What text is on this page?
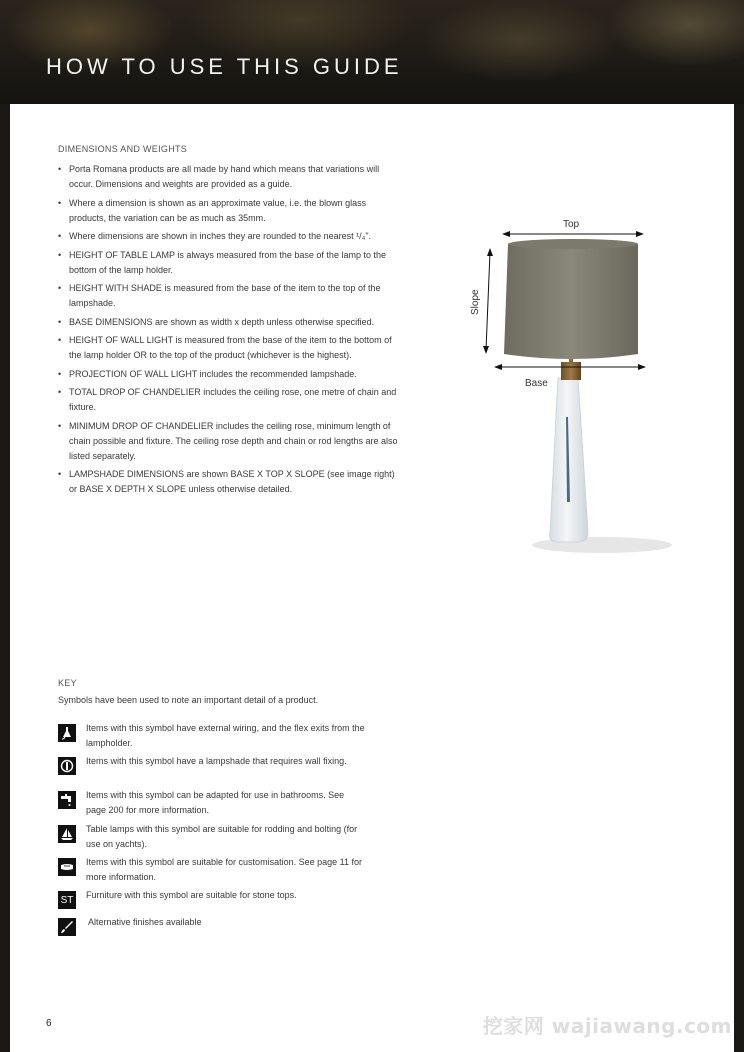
HOW TO USE THIS GUIDE
DIMENSIONS AND WEIGHTS
• Porta Romana products are all made by hand which means that variations will occur. Dimensions and weights are provided as a guide.
• Where a dimension is shown as an approximate value, i.e. the blown glass products, the variation can be as much as 35mm.
• Where dimensions are shown in inches they are rounded to the nearest ¹/₄".
• HEIGHT OF TABLE LAMP is always measured from the base of the lamp to the bottom of the lamp holder.
• HEIGHT WITH SHADE is measured from the base of the item to the top of the lampshade.
• BASE DIMENSIONS are shown as width x depth unless otherwise specified.
• HEIGHT OF WALL LIGHT is measured from the base of the item to the bottom of the lamp holder OR to the top of the product (whichever is the highest).
• PROJECTION OF WALL LIGHT includes the recommended lampshade.
• TOTAL DROP OF CHANDELIER includes the ceiling rose, one metre of chain and fixture.
• MINIMUM DROP OF CHANDELIER includes the ceiling rose, minimum length of chain possible and fixture. The ceiling rose depth and chain or rod lengths are also listed separately.
• LAMPSHADE DIMENSIONS are shown BASE X TOP X SLOPE (see image right) or BASE X DEPTH X SLOPE unless otherwise detailed.
Top
Base
Slope
KEY
Symbols have been used to note an important detail of a product.
Items with this symbol have external wiring, and the flex exits from the lampholder.
Items with this symbol have a lampshade that requires wall fixing.
Items with this symbol can be adapted for use in bathrooms. See page 200 for more information.
Table lamps with this symbol are suitable for rodding and bolting (for use on yachts).
Items with this symbol are suitable for customisation. See page 11 for more information.
ST Furniture with this symbol are suitable for stone tops.
Alternative finishes available
6	挖家网 wajiawang.com
